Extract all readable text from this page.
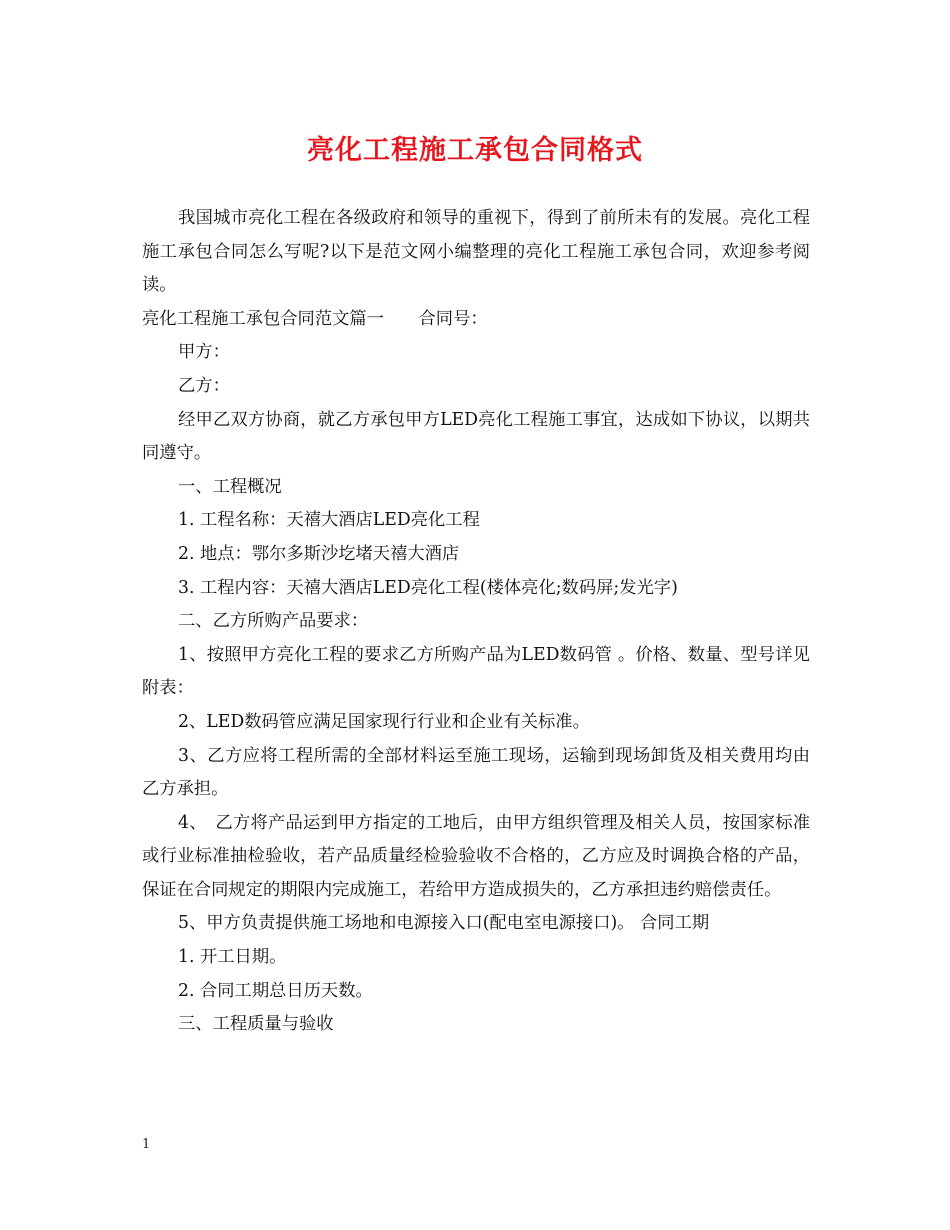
亮化工程施工承包合同格式

我国城市亮化工程在各级政府和领导的重视下，得到了前所未有的发展。亮化工程施工承包合同怎么写呢?以下是范文网小编整理的亮化工程施工承包合同，欢迎参考阅读。

亮化工程施工承包合同范文篇一　　合同号：

甲方：

乙方：

经甲乙双方协商，就乙方承包甲方LED亮化工程施工事宜，达成如下协议，以期共同遵守。

一、工程概况

1. 工程名称：天禧大酒店LED亮化工程

2. 地点：鄂尔多斯沙圪堵天禧大酒店

3. 工程内容：天禧大酒店LED亮化工程(楼体亮化;数码屏;发光字)

二、乙方所购产品要求：

1、按照甲方亮化工程的要求乙方所购产品为LED数码管 。价格、数量、型号详见附表：

2、LED数码管应满足国家现行行业和企业有关标准。

3、乙方应将工程所需的全部材料运至施工现场，运输到现场卸货及相关费用均由乙方承担。

4、　乙方将产品运到甲方指定的工地后，由甲方组织管理及相关人员，按国家标准或行业标准抽检验收，若产品质量经检验验收不合格的，乙方应及时调换合格的产品，保证在合同规定的期限内完成施工，若给甲方造成损失的，乙方承担违约赔偿责任。

5、甲方负责提供施工场地和电源接入口(配电室电源接口)。 合同工期

1. 开工日期。

2. 合同工期总日历天数。

三、工程质量与验收

1
